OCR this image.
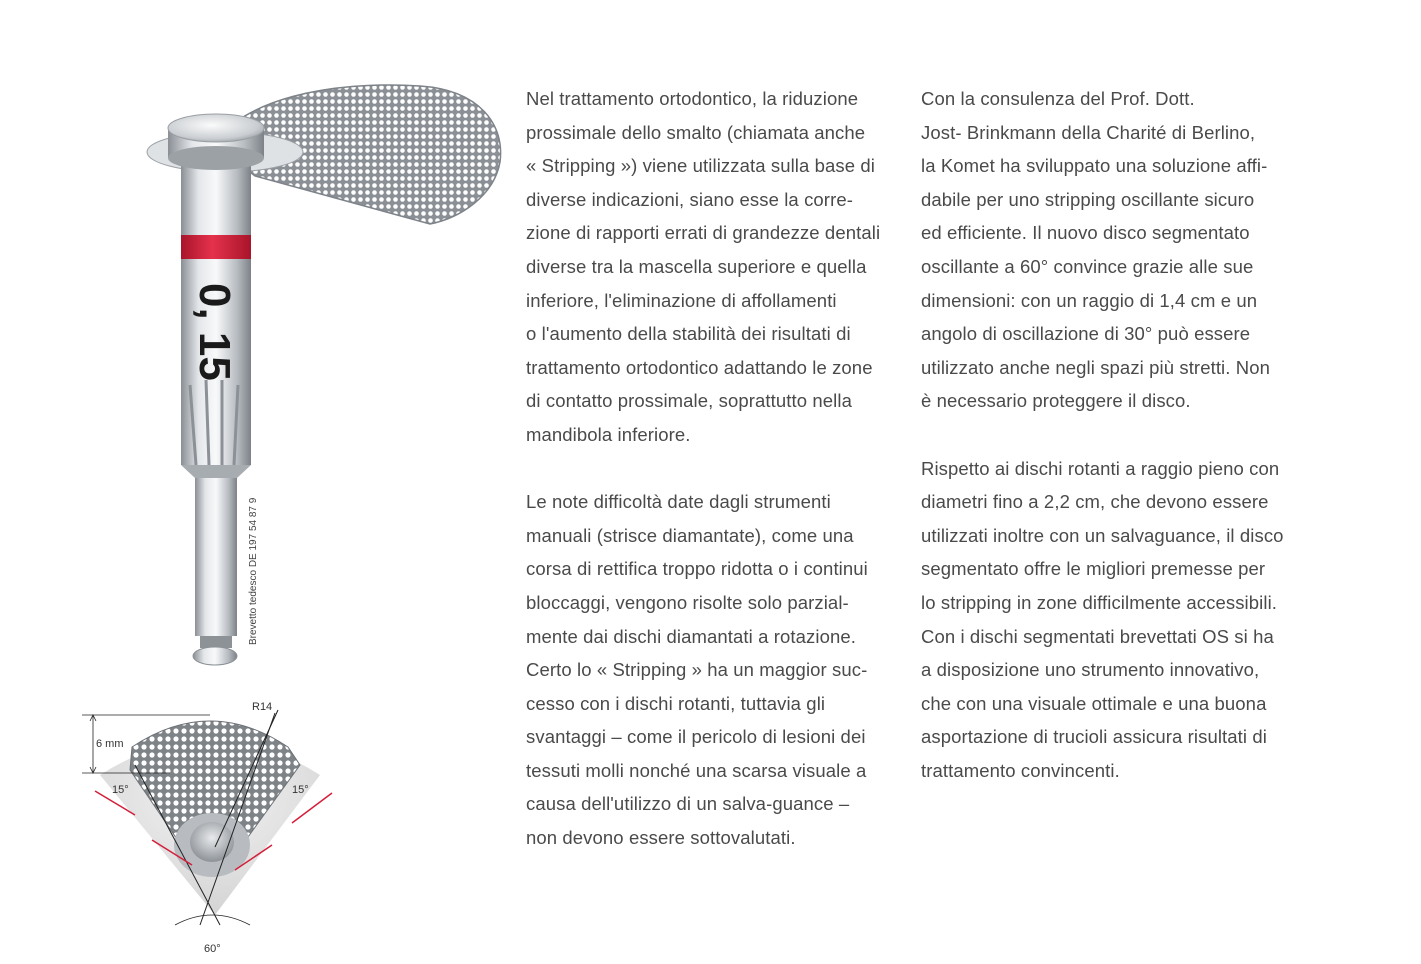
0, 15
Brevetto tedesco DE 197 54 87 9
R14
6 mm
15°	15°
60°

Nel trattamento ortodontico, la riduzione
prossimale dello smalto (chiamata anche
« Stripping ») viene utilizzata sulla base di
diverse indicazioni, siano esse la corre-
zione di rapporti errati di grandezze dentali
diverse tra la mascella superiore e quella
inferiore, l'eliminazione di affollamenti
o l'aumento della stabilità dei risultati di
trattamento ortodontico adattando le zone
di contatto prossimale, soprattutto nella
mandibola inferiore.

Le note difficoltà date dagli strumenti
manuali (strisce diamantate), come una
corsa di rettifica troppo ridotta o i continui
bloccaggi, vengono risolte solo parzial-
mente dai dischi diamantati a rotazione.
Certo lo « Stripping » ha un maggior suc-
cesso con i dischi rotanti, tuttavia gli
svantaggi – come il pericolo di lesioni dei
tessuti molli nonché una scarsa visuale a
causa dell'utilizzo di un salva-guance –
non devono essere sottovalutati.

Con la consulenza del Prof. Dott.
Jost- Brinkmann della Charité di Berlino,
la Komet ha sviluppato una soluzione affi-
dabile per uno stripping oscillante sicuro
ed efficiente. Il nuovo disco segmentato
oscillante a 60° convince grazie alle sue
dimensioni: con un raggio di 1,4 cm e un
angolo di oscillazione di 30° può essere
utilizzato anche negli spazi più stretti. Non
è necessario proteggere il disco.

Rispetto ai dischi rotanti a raggio pieno con
diametri fino a 2,2 cm, che devono essere
utilizzati inoltre con un salvaguance, il disco
segmentato offre le migliori premesse per
lo stripping in zone difficilmente accessibili.
Con i dischi segmentati brevettati OS si ha
a disposizione uno strumento innovativo,
che con una visuale ottimale e una buona
asportazione di trucioli assicura risultati di
trattamento convincenti.
